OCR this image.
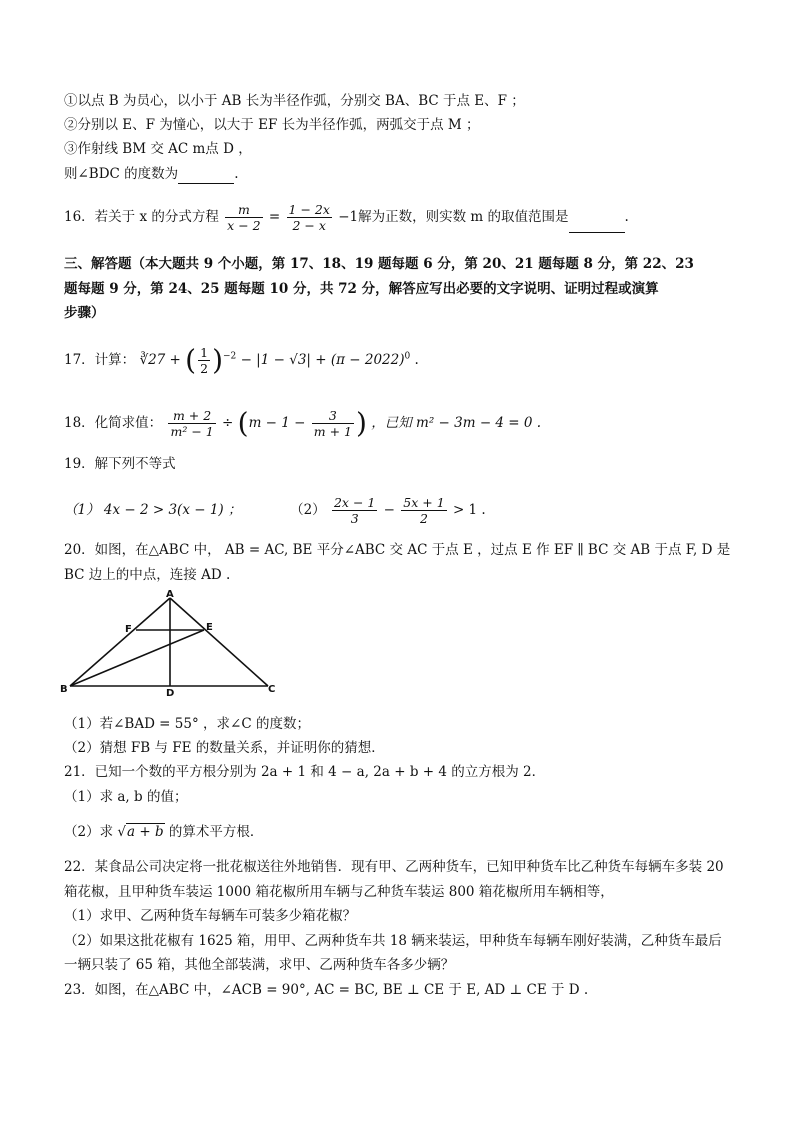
①以点 B 为员心，以小于 AB 长为半径作弧，分别交 BA、BC 于点 E、F ；
②分别以 E、F 为憧心，以大于 EF 长为半径作弧，两弧交于点 M ；
③作射线 BM 交 AC m点 D ，
则∠BDC 的度数为	.
16．若关于 x 的分式方程 $\frac{m}{x - 2} = \frac{1 - 2x}{2 - x} -1$解为正数，则实数 m 的取值范围是	.
三、解答题（本大题共 9 个小题，第 17、18、19 题每题 6 分，第 20、21 题每题 8 分，第 22、23
题每题 9 分，第 24、25 题每题 10 分，共 72 分，解答应写出必要的文字说明、证明过程或演算
步骤）
17．计算： ∛27 + ( $\frac{1}{2} )^{-2} - |1 - √3| + (\pi - 2022)^0$ .
18．化简求值： $\frac{m + 2}{\text{m² − 1}} \div (m - 1 - \frac{3}{m + 1}$ ) ，已知 m² − 3m − 4 = 0 .
19．解下列不等式
（1） 4x − 2 > 3(x − 1) ；	$(2) \frac{2x - 1}{3} - \frac{5x + 1}{2} > 1$ .
20．如图，在△ABC 中， AB = AC, BE 平分∠ABC 交 AC 于点 E ，过点 E 作 EF ∥ BC 交 AB 于点 F, D 是
BC 边上的中点，连接 AD .
A
B	C
D
E
F
（1）若∠BAD = 55° ，求∠C 的度数；
（2）猜想 FB 与 FE 的数量关系，并证明你的猜想．
21．已知一个数的平方根分别为 2a + 1 和 4 − a, 2a + b + 4 的立方根为 2．
（1）求 a, b 的值；
（2）求 √a + b 的算术平方根．
22．某食品公司决定将一批花椒送往外地销售．现有甲、乙两种货车，已知甲种货车比乙种货车每辆车多装 20
箱花椒，且甲种货车装运 1000 箱花椒所用车辆与乙种货车装运 800 箱花椒所用车辆相等，
（1）求甲、乙两种货车每辆车可装多少箱花椒？
（2）如果这批花椒有 1625 箱，用甲、乙两种货车共 18 辆来装运，甲种货车每辆车刚好装满，乙种货车最后
一辆只装了 65 箱，其他全部装满，求甲、乙两种货车各多少辆？
23．如图，在△ABC 中，∠ACB = 90°, AC = BC, BE ⊥ CE 于 E, AD ⊥ CE 于 D .
